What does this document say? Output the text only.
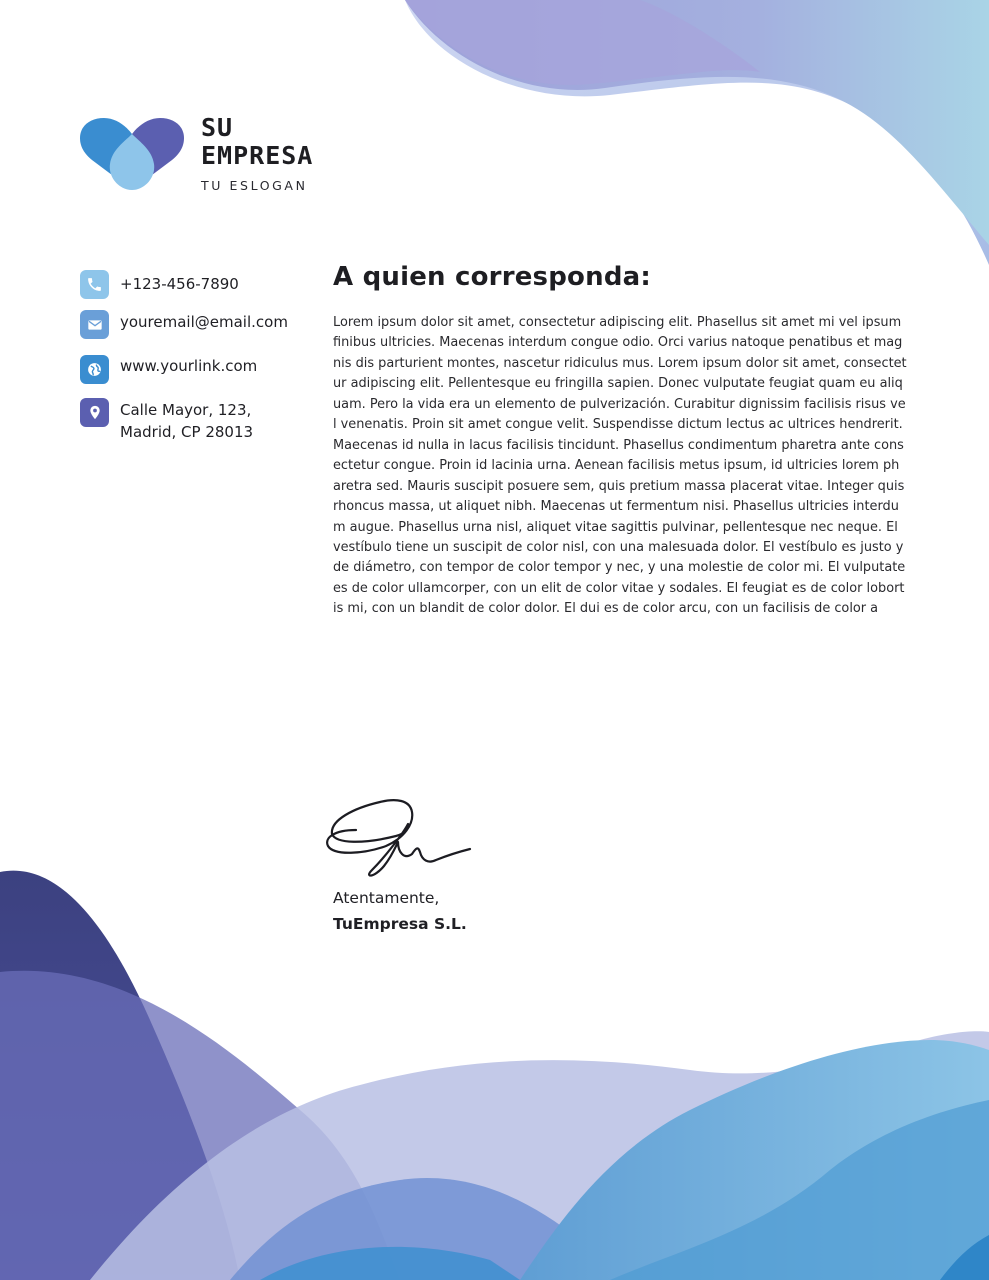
SU
EMPRESA
TU ESLOGAN
+123-456-7890
youremail@email.com
www.yourlink.com
Calle Mayor, 123,
Madrid, CP 28013
A quien corresponda:

Lorem ipsum dolor sit amet, consectetur adipiscing elit. Phasellus sit amet mi vel ipsum finibus ultricies. Maecenas interdum congue odio. Orci varius natoque penatibus et magnis dis parturient montes, nascetur ridiculus mus. Lorem ipsum dolor sit amet, consectetur adipiscing elit. Pellentesque eu fringilla sapien. Donec vulputate feugiat quam eu aliquam. Pero la vida era un elemento de pulverización. Curabitur dignissim facilisis risus vel venenatis. Proin sit amet congue velit. Suspendisse dictum lectus ac ultrices hendrerit. Maecenas id nulla in lacus facilisis tincidunt. Phasellus condimentum pharetra ante consectetur congue. Proin id lacinia urna. Aenean facilisis metus ipsum, id ultricies lorem pharetra sed. Mauris suscipit posuere sem, quis pretium massa placerat vitae. Integer quis rhoncus massa, ut aliquet nibh. Maecenas ut fermentum nisi. Phasellus ultricies interdum augue. Phasellus urna nisl, aliquet vitae sagittis pulvinar, pellentesque nec neque. El vestíbulo tiene un suscipit de color nisl, con una malesuada dolor. El vestíbulo es justo y de diámetro, con tempor de color tempor y nec, y una molestie de color mi. El vulputate es de color ullamcorper, con un elit de color vitae y sodales. El feugiat es de color lobortis mi, con un blandit de color dolor. El dui es de color arcu, con un facilisis de color a

Atentamente,
TuEmpresa S.L.
